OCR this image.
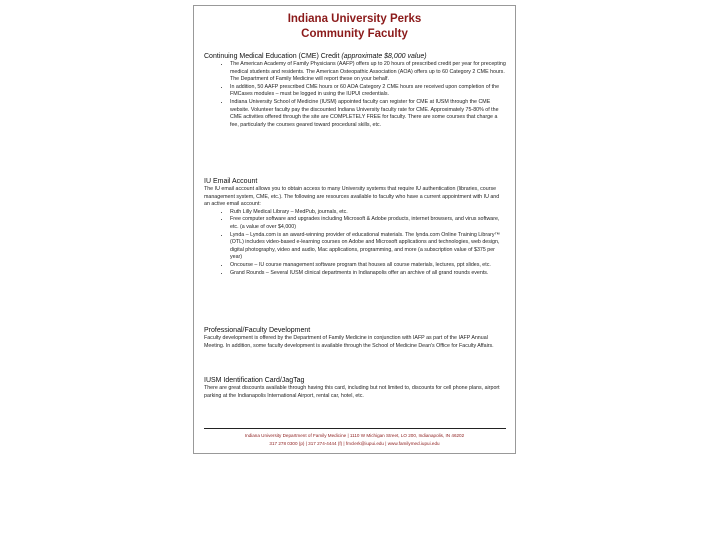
Indiana University Perks
Community Faculty
Continuing Medical Education (CME) Credit (approximate $8,000 value)
• The American Academy of Family Physicians (AAFP) offers up to 20 hours of prescribed credit per year for precepting medical students and residents. The American Osteopathic Association (AOA) offers up to 60 Category 2 CME hours. The Department of Family Medicine will report these on your behalf.
• In addition, 50 AAFP prescribed CME hours or 60 AOA Category 2 CME hours are received upon completion of the FMCases modules – must be logged in using the IUPUI credentials.
• Indiana University School of Medicine (IUSM) appointed faculty can register for CME at IUSM through the CME website. Volunteer faculty pay the discounted Indiana University faculty rate for CME. Approximately 75-80% of the CME activities offered through the site are COMPLETELY FREE for faculty. There are some courses that charge a fee, particularly the courses geared toward procedural skills, etc.
IU Email Account

The IU email account allows you to obtain access to many University systems that require IU authentication (libraries, course management system, CME, etc.). The following are resources available to faculty who have a current appointment with IU and an active email account:

• Ruth Lilly Medical Library – MedPub, journals, etc.
• Free computer software and upgrades including Microsoft & Adobe products, internet browsers, and virus software, etc. (a value of over $4,000)
• Lynda – Lynda.com is an award-winning provider of educational materials. The lynda.com Online Training Library™ (OTL) includes video-based e-learning courses on Adobe and Microsoft applications and technologies, web design, digital photography, video and audio, Mac applications, programming, and more (a subscription value of $375 per year)
• Oncourse – IU course management software program that houses all course materials, lectures, ppt slides, etc.
• Grand Rounds – Several IUSM clinical departments in Indianapolis offer an archive of all grand rounds events.
Professional/Faculty Development

Faculty development is offered by the Department of Family Medicine in conjunction with IAFP as part of the IAFP Annual Meeting. In addition, some faculty development is available through the School of Medicine Dean's Office for Faculty Affairs.

IUSM Identification Card/JagTag

There are great discounts available through having this card, including but not limited to, discounts for cell phone plans, airport parking at the Indianapolis International Airport, rental car, hotel, etc.

Indiana University Department of Family Medicine | 1110 W Michigan Street, LO 200, Indianapolis, IN 46202
317 278 0300 (p) | 317 274-4444 (f) | fmclerk@iupui.edu | www.familymed.iupui.edu
